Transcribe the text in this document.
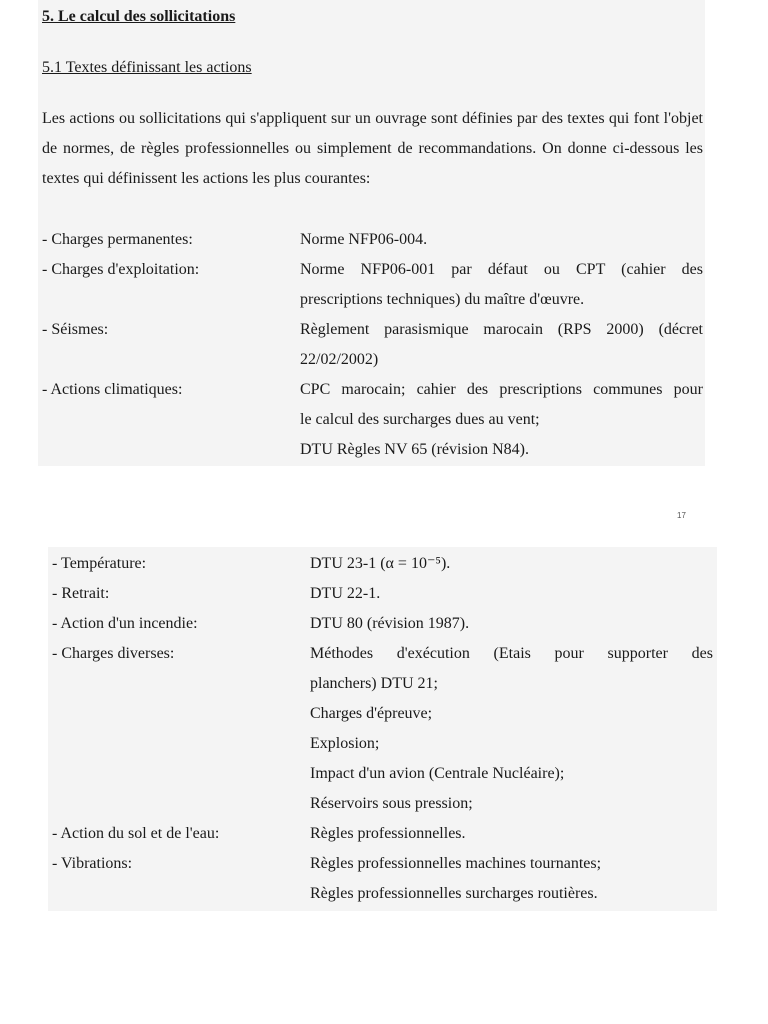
5. Le calcul des sollicitations
5.1 Textes définissant les actions

Les actions ou sollicitations qui s'appliquent sur un ouvrage sont définies par des textes qui font l'objet de normes, de règles professionnelles ou simplement de recommandations. On donne ci-dessous les textes qui définissent les actions les plus courantes:

- Charges permanentes:	Norme NFP06-004.
- Charges d'exploitation:	Norme NFP06-001 par défaut ou CPT (cahier des
prescriptions techniques) du maître d'œuvre.
- Séismes:	Règlement parasismique marocain (RPS 2000) (décret
22/02/2002)
- Actions climatiques:	CPC marocain; cahier des prescriptions communes pour
le calcul des surcharges dues au vent;
DTU Règles NV 65 (révision N84).
17
- Température:	DTU 23-1 (α = 10⁻⁵).
- Retrait:	DTU 22-1.
- Action d'un incendie:	DTU 80 (révision 1987).
- Charges diverses:	Méthodes d'exécution (Etais pour supporter des
planchers) DTU 21;
Charges d'épreuve;
Explosion;
Impact d'un avion (Centrale Nucléaire);
Réservoirs sous pression;
- Action du sol et de l'eau:	Règles professionnelles.
- Vibrations:	Règles professionnelles machines tournantes;
Règles professionnelles surcharges routières.
